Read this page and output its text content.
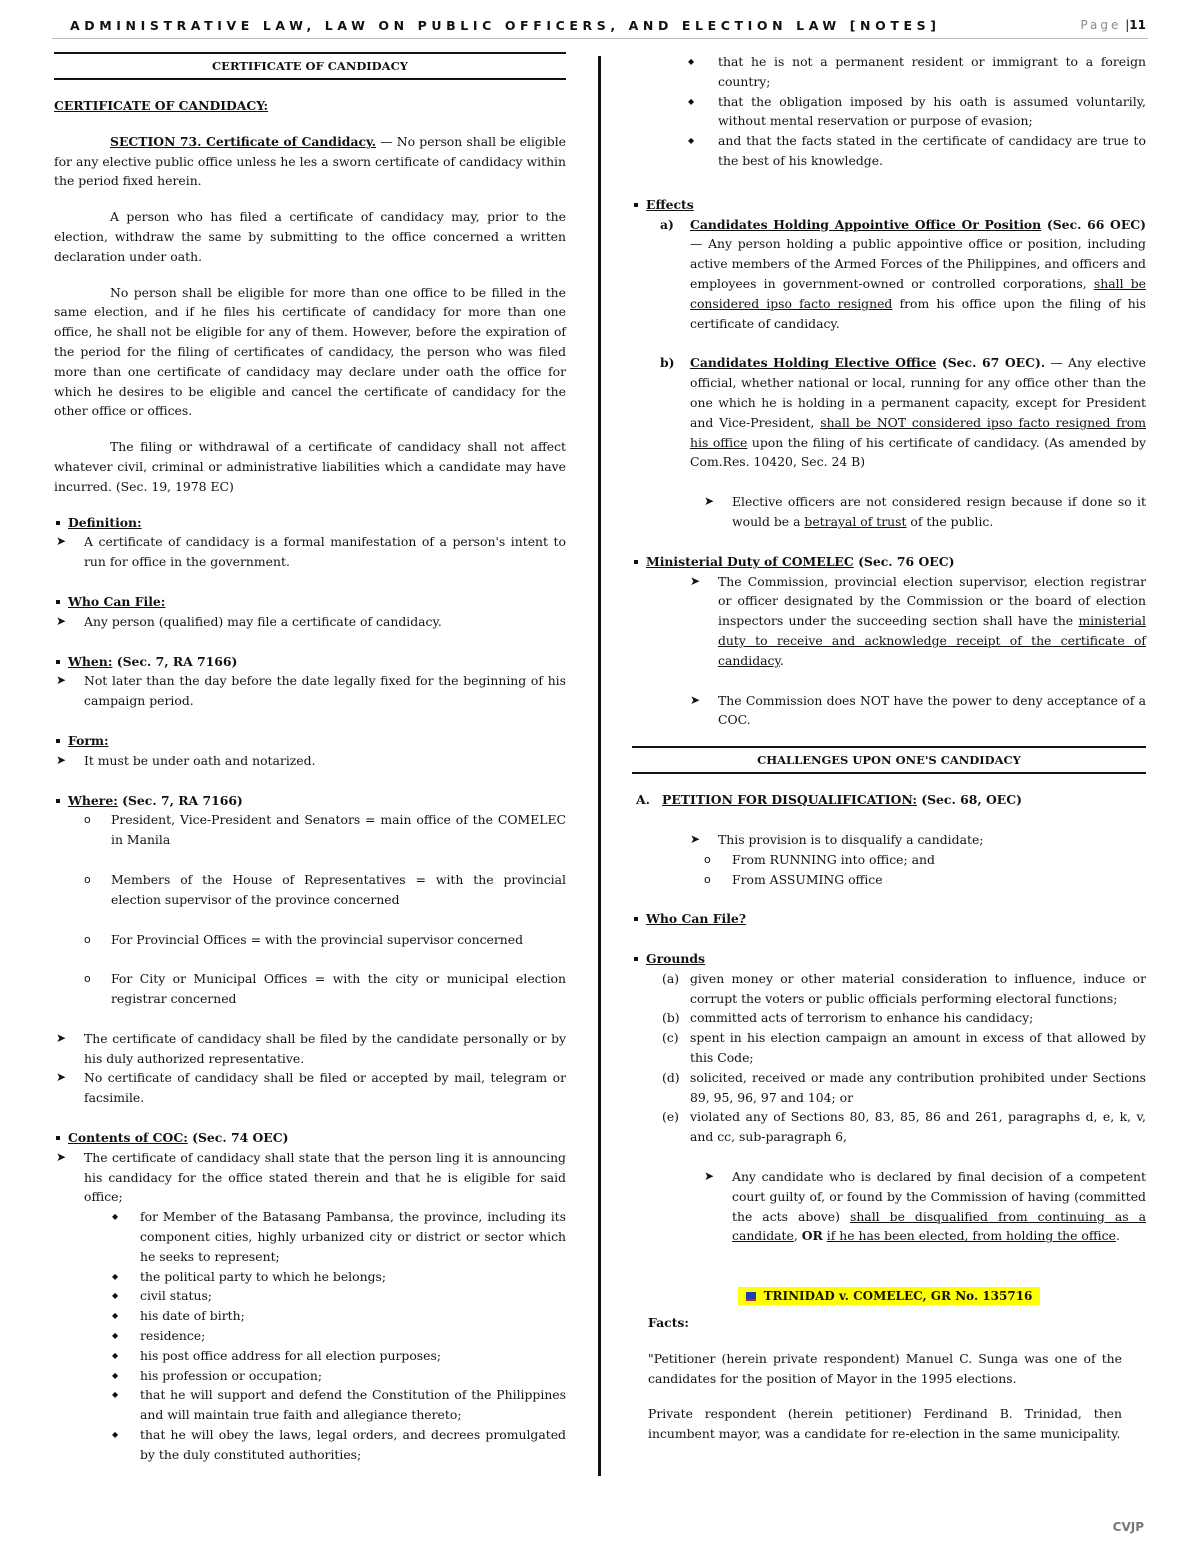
ADMINISTRATIVE LAW, LAW ON PUBLIC OFFICERS, AND ELECTION LAW [NOTES]	Page |11
CERTIFICATE OF CANDIDACY

CERTIFICATE OF CANDIDACY:

SECTION 73. Certificate of Candidacy. — No person shall be eligible for any elective public office unless he les a sworn certificate of candidacy within the period fixed herein.

A person who has filed a certificate of candidacy may, prior to the election, withdraw the same by submitting to the office concerned a written declaration under oath.

No person shall be eligible for more than one office to be filled in the same election, and if he files his certificate of candidacy for more than one office, he shall not be eligible for any of them. However, before the expiration of the period for the filing of certificates of candidacy, the person who was filed more than one certificate of candidacy may declare under oath the office for which he desires to be eligible and cancel the certificate of candidacy for the other office or offices.

The filing or withdrawal of a certificate of candidacy shall not affect whatever civil, criminal or administrative liabilities which a candidate may have incurred. (Sec. 19, 1978 EC)

Definition:

➤ A certificate of candidacy is a formal manifestation of a person's intent to run for office in the government.

Who Can File:

➤ Any person (qualified) may file a certificate of candidacy.

When: (Sec. 7, RA 7166)

➤ Not later than the day before the date legally fixed for the beginning of his campaign period.

Form:

➤ It must be under oath and notarized.

Where: (Sec. 7, RA 7166)

o President, Vice-President and Senators = main office of the COMELEC in Manila

o Members of the House of Representatives = with the provincial election supervisor of the province concerned

o For Provincial Offices = with the provincial supervisor concerned

o For City or Municipal Offices = with the city or municipal election registrar concerned

➤ The certificate of candidacy shall be filed by the candidate personally or by his duly authorized representative.

➤ No certificate of candidacy shall be filed or accepted by mail, telegram or facsimile.

Contents of COC: (Sec. 74 OEC)

➤ The certificate of candidacy shall state that the person ling it is announcing his candidacy for the office stated therein and that he is eligible for said office;

◆ for Member of the Batasang Pambansa, the province, including its component cities, highly urbanized city or district or sector which he seeks to represent;

◆ the political party to which he belongs;

◆ civil status;

◆ his date of birth;

◆ residence;

◆ his post office address for all election purposes;

◆ his profession or occupation;

◆ that he will support and defend the Constitution of the Philippines and will maintain true faith and allegiance thereto;

◆ that he will obey the laws, legal orders, and decrees promulgated by the duly constituted authorities;

◆ that he is not a permanent resident or immigrant to a foreign country;

◆ that the obligation imposed by his oath is assumed voluntarily, without mental reservation or purpose of evasion;

◆ and that the facts stated in the certificate of candidacy are true to the best of his knowledge.

Effects

a) Candidates Holding Appointive Office Or Position (Sec. 66 OEC) — Any person holding a public appointive office or position, including active members of the Armed Forces of the Philippines, and officers and employees in government-owned or controlled corporations, shall be considered ipso facto resigned from his office upon the filing of his certificate of candidacy.

b) Candidates Holding Elective Office (Sec. 67 OEC). — Any elective official, whether national or local, running for any office other than the one which he is holding in a permanent capacity, except for President and Vice-President, shall be NOT considered ipso facto resigned from his office upon the filing of his certificate of candidacy. (As amended by Com.Res. 10420, Sec. 24 B)

➤ Elective officers are not considered resign because if done so it would be a betrayal of trust of the public.

Ministerial Duty of COMELEC (Sec. 76 OEC)

➤ The Commission, provincial election supervisor, election registrar or officer designated by the Commission or the board of election inspectors under the succeeding section shall have the ministerial duty to receive and acknowledge receipt of the certificate of candidacy.

➤ The Commission does NOT have the power to deny acceptance of a COC.

CHALLENGES UPON ONE'S CANDIDACY

A. PETITION FOR DISQUALIFICATION: (Sec. 68, OEC)

➤ This provision is to disqualify a candidate;

o From RUNNING into office; and

o From ASSUMING office

Who Can File?

Grounds

(a) given money or other material consideration to influence, induce or corrupt the voters or public officials performing electoral functions;

(b) committed acts of terrorism to enhance his candidacy;

(c) spent in his election campaign an amount in excess of that allowed by this Code;

(d) solicited, received or made any contribution prohibited under Sections 89, 95, 96, 97 and 104; or

(e) violated any of Sections 80, 83, 85, 86 and 261, paragraphs d, e, k, v, and cc, sub-paragraph 6,

➤ Any candidate who is declared by final decision of a competent court guilty of, or found by the Commission of having (committed the acts above) shall be disqualified from continuing as a candidate, OR if he has been elected, from holding the office.

TRINIDAD v. COMELEC, GR No. 135716

Facts:

"Petitioner (herein private respondent) Manuel C. Sunga was one of the candidates for the position of Mayor in the 1995 elections.

Private respondent (herein petitioner) Ferdinand B. Trinidad, then incumbent mayor, was a candidate for re-election in the same municipality.

CVJP
